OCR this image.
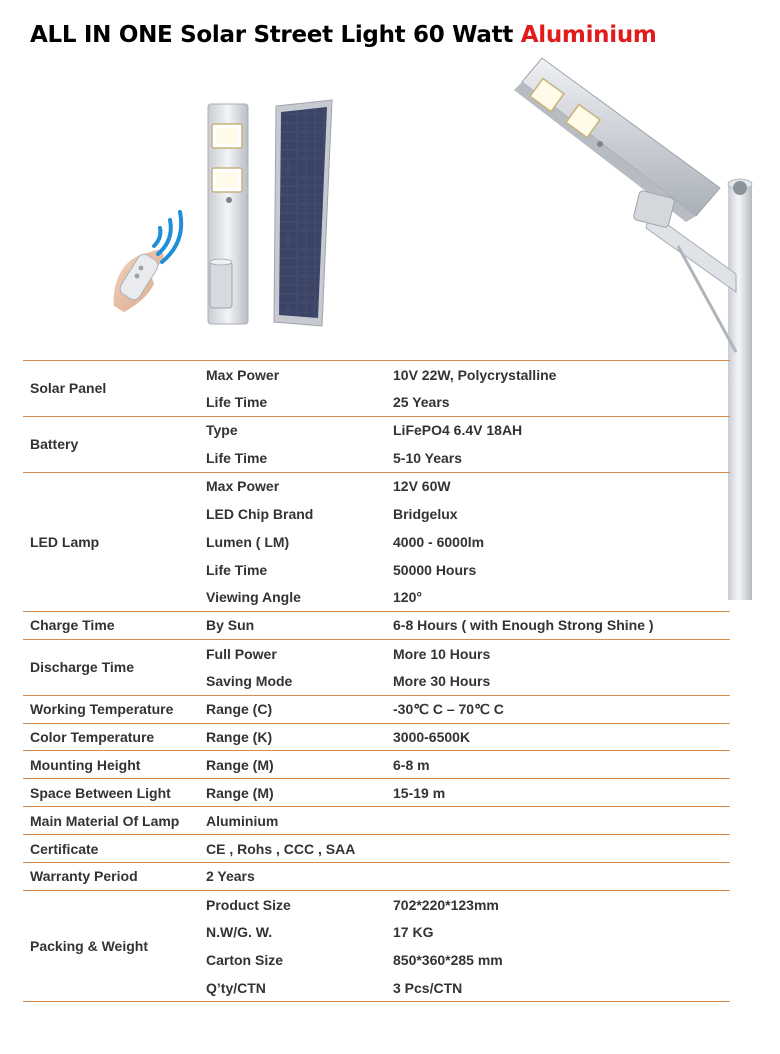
ALL IN ONE Solar Street Light 60 Watt Aluminium
Solar Panel	Max Power	10V 22W, Polycrystalline
	Life Time	25 Years
Battery	Type	LiFePO4 6.4V 18AH
	Life Time	5-10 Years
LED Lamp	Max Power	12V 60W
	LED Chip Brand	Bridgelux
	Lumen ( LM)	4000 - 6000lm
	Life Time	50000 Hours
	Viewing Angle	120°
Charge Time	By Sun	6-8 Hours ( with Enough Strong Shine )
Discharge Time	Full Power	More 10 Hours
	Saving Mode	More 30 Hours
Working Temperature	Range (C)	-30℃ C – 70℃ C
Color Temperature	Range (K)	3000-6500K
Mounting Height	Range (M)	6-8 m
Space Between Light	Range (M)	15-19 m
Main Material Of Lamp	Aluminium	
Certificate	CE , Rohs , CCC , SAA	
Warranty Period	2 Years	
Packing & Weight	Product Size	702*220*123mm
	N.W/G. W.	17 KG
	Carton Size	850*360*285 mm
	Q’ty/CTN	3 Pcs/CTN
